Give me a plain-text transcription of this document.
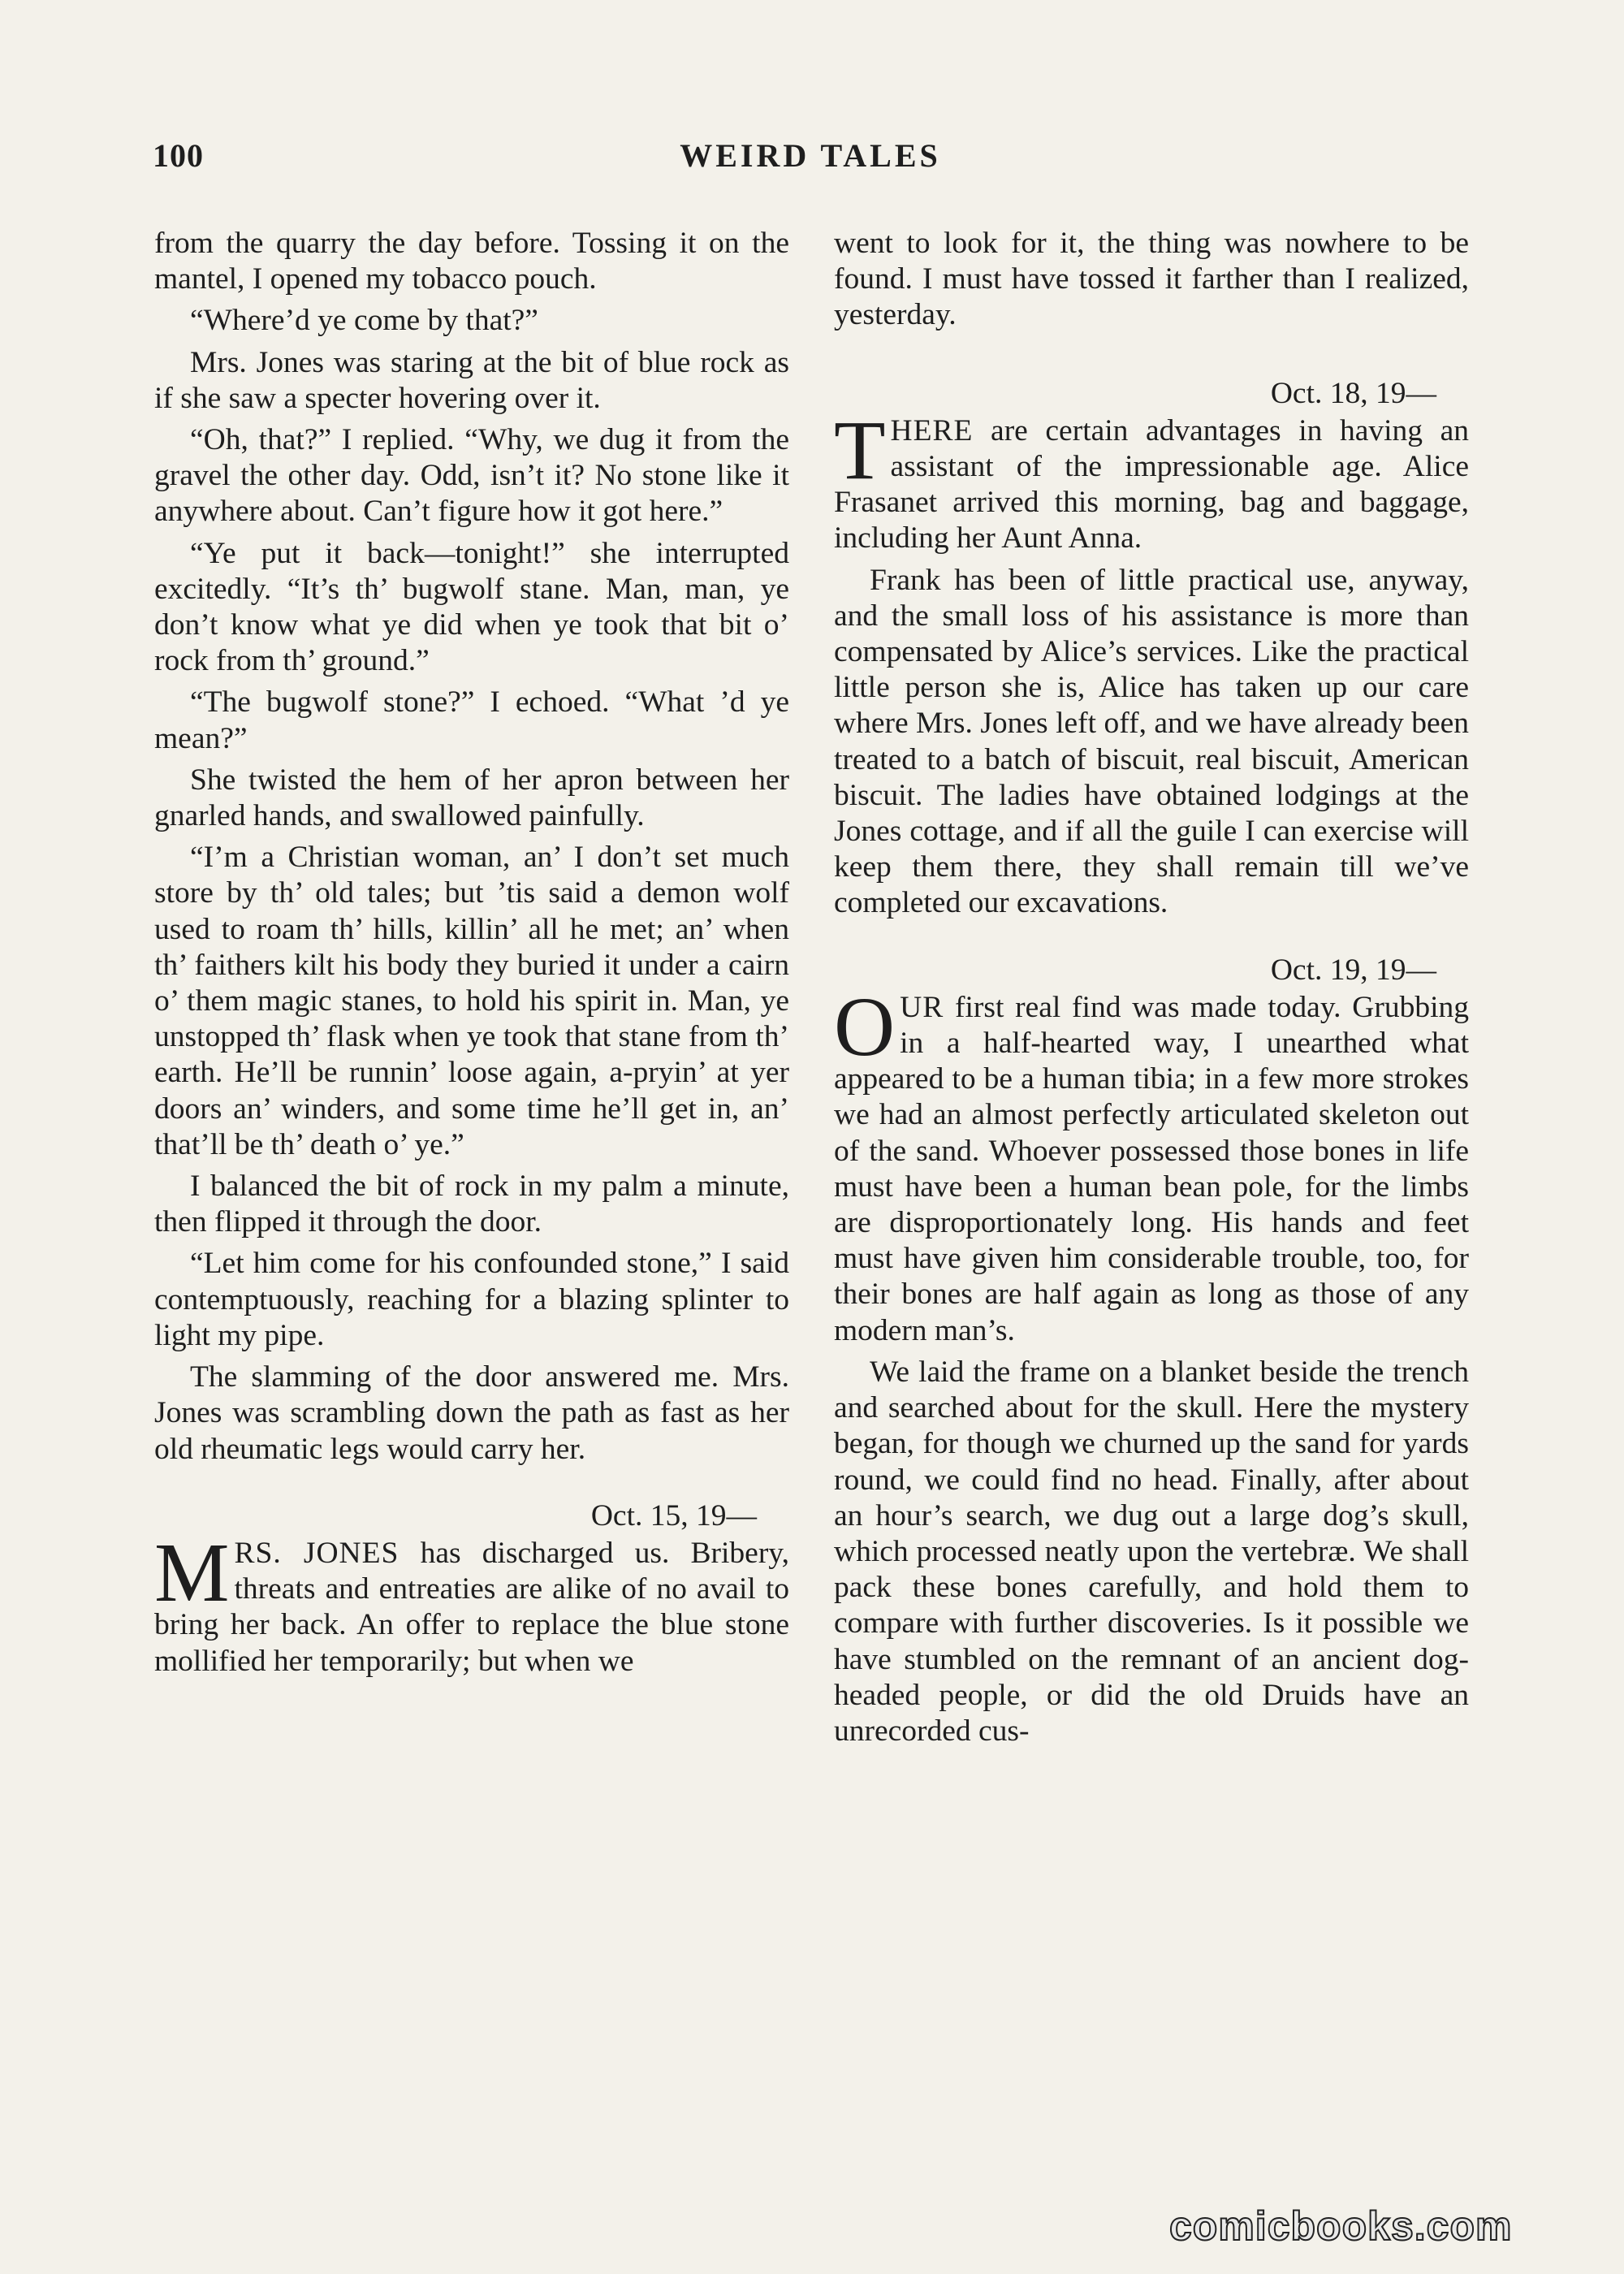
100	WEIRD TALES

from the quarry the day before. Tossing it on the mantel, I opened my tobacco pouch.

“Where’d ye come by that?”

Mrs. Jones was staring at the bit of blue rock as if she saw a specter hovering over it.

“Oh, that?” I replied. “Why, we dug it from the gravel the other day. Odd, isn’t it? No stone like it anywhere about. Can’t figure how it got here.”

“Ye put it back—tonight!” she interrupted excitedly. “It’s th’ bugwolf stane. Man, man, ye don’t know what ye did when ye took that bit o’ rock from th’ ground.”

“The bugwolf stone?” I echoed. “What ’d ye mean?”

She twisted the hem of her apron between her gnarled hands, and swallowed painfully.

“I’m a Christian woman, an’ I don’t set much store by th’ old tales; but ’tis said a demon wolf used to roam th’ hills, killin’ all he met; an’ when th’ faithers kilt his body they buried it under a cairn o’ them magic stanes, to hold his spirit in. Man, ye unstopped th’ flask when ye took that stane from th’ earth. He’ll be runnin’ loose again, a-pryin’ at yer doors an’ winders, and some time he’ll get in, an’ that’ll be th’ death o’ ye.”

I balanced the bit of rock in my palm a minute, then flipped it through the door.

“Let him come for his confounded stone,” I said contemptuously, reaching for a blazing splinter to light my pipe.

The slamming of the door answered me. Mrs. Jones was scrambling down the path as fast as her old rheumatic legs would carry her.

Oct. 15, 19—

MRS. JONES has discharged us. Bribery, threats and entreaties are alike of no avail to bring her back. An offer to replace the blue stone mollified her temporarily; but when we

went to look for it, the thing was nowhere to be found. I must have tossed it farther than I realized, yesterday.

Oct. 18, 19—

THERE are certain advantages in having an assistant of the impressionable age. Alice Frasanet arrived this morning, bag and baggage, including her Aunt Anna.

Frank has been of little practical use, anyway, and the small loss of his assistance is more than compensated by Alice’s services. Like the practical little person she is, Alice has taken up our care where Mrs. Jones left off, and we have already been treated to a batch of biscuit, real biscuit, American biscuit. The ladies have obtained lodgings at the Jones cottage, and if all the guile I can exercise will keep them there, they shall remain till we’ve completed our excavations.

Oct. 19, 19—

OUR first real find was made today. Grubbing in a half-hearted way, I unearthed what appeared to be a human tibia; in a few more strokes we had an almost perfectly articulated skeleton out of the sand. Whoever possessed those bones in life must have been a human bean pole, for the limbs are disproportionately long. His hands and feet must have given him considerable trouble, too, for their bones are half again as long as those of any modern man’s.

We laid the frame on a blanket beside the trench and searched about for the skull. Here the mystery began, for though we churned up the sand for yards round, we could find no head. Finally, after about an hour’s search, we dug out a large dog’s skull, which processed neatly upon the vertebræ. We shall pack these bones carefully, and hold them to compare with further discoveries. Is it possible we have stumbled on the remnant of an ancient dog-headed people, or did the old Druids have an unrecorded cus-

comicbooks.com
